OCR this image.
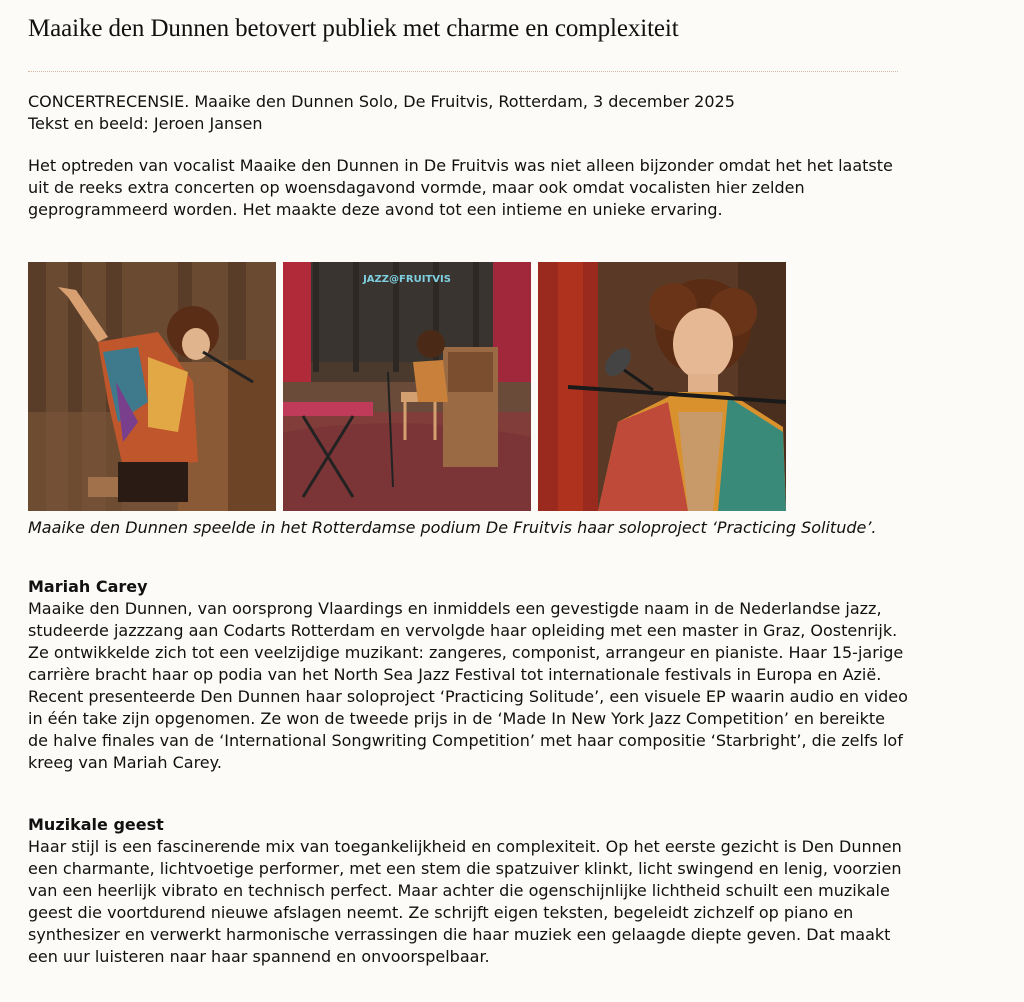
Maaike den Dunnen betovert publiek met charme en complexiteit
CONCERTRECENSIE. Maaike den Dunnen Solo, De Fruitvis, Rotterdam, 3 december 2025
Tekst en beeld: Jeroen Jansen
Het optreden van vocalist Maaike den Dunnen in De Fruitvis was niet alleen bijzonder omdat het het laatste uit de reeks extra concerten op woensdagavond vormde, maar ook omdat vocalisten hier zelden geprogrammeerd worden. Het maakte deze avond tot een intieme en unieke ervaring.
JAZZ@FRUITVIS
Maaike den Dunnen speelde in het Rotterdamse podium De Fruitvis haar soloproject ‘Practicing Solitude’.
Mariah Carey

Maaike den Dunnen, van oorsprong Vlaardings en inmiddels een gevestigde naam in de Nederlandse jazz, studeerde jazzzang aan Codarts Rotterdam en vervolgde haar opleiding met een master in Graz, Oostenrijk. Ze ontwikkelde zich tot een veelzijdige muzikant: zangeres, componist, arrangeur en pianiste. Haar 15-jarige carrière bracht haar op podia van het North Sea Jazz Festival tot internationale festivals in Europa en Azië. Recent presenteerde Den Dunnen haar soloproject ‘Practicing Solitude’, een visuele EP waarin audio en video in één take zijn opgenomen. Ze won de tweede prijs in de ‘Made In New York Jazz Competition’ en bereikte de halve finales van de ‘International Songwriting Competition’ met haar compositie ‘Starbright’, die zelfs lof kreeg van Mariah Carey.

Muzikale geest

Haar stijl is een fascinerende mix van toegankelijkheid en complexiteit. Op het eerste gezicht is Den Dunnen een charmante, lichtvoetige performer, met een stem die spatzuiver klinkt, licht swingend en lenig, voorzien van een heerlijk vibrato en technisch perfect. Maar achter die ogenschijnlijke lichtheid schuilt een muzikale geest die voortdurend nieuwe afslagen neemt. Ze schrijft eigen teksten, begeleidt zichzelf op piano en synthesizer en verwerkt harmonische verrassingen die haar muziek een gelaagde diepte geven. Dat maakt een uur luisteren naar haar spannend en onvoorspelbaar.
